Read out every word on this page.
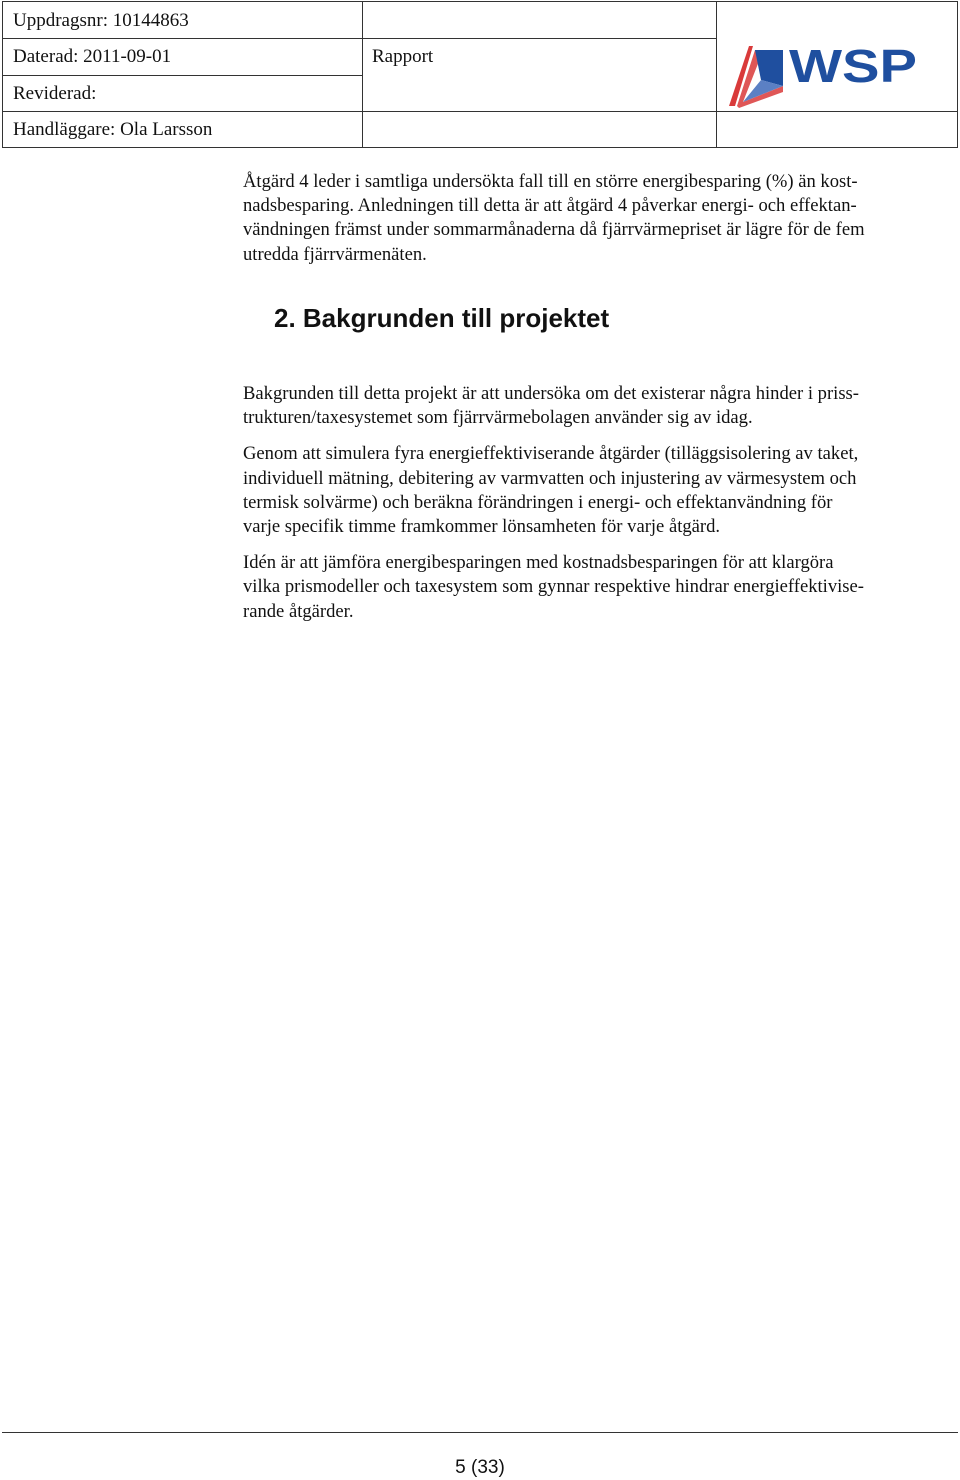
Uppdragsnr: 10144863
Daterad: 2011-09-01
Reviderad:
Handläggare: Ola Larsson
Rapport	WSP

Åtgärd 4 leder i samtliga undersökta fall till en större energibesparing (%) än kost-
nadsbesparing. Anledningen till detta är att åtgärd 4 påverkar energi- och effektan-
vändningen främst under sommarmånaderna då fjärrvärmepriset är lägre för de fem
utredda fjärrvärmenäten.

2. Bakgrunden till projektet

Bakgrunden till detta projekt är att undersöka om det existerar några hinder i priss-
trukturen/taxesystemet som fjärrvärmebolagen använder sig av idag.

Genom att simulera fyra energieffektiviserande åtgärder (tilläggsisolering av taket,
individuell mätning, debitering av varmvatten och injustering av värmesystem och
termisk solvärme) och beräkna förändringen i energi- och effektanvändning för
varje specifik timme framkommer lönsamheten för varje åtgärd.

Idén är att jämföra energibesparingen med kostnadsbesparingen för att klargöra
vilka prismodeller och taxesystem som gynnar respektive hindrar energieffektivise-
rande åtgärder.

5 (33)
